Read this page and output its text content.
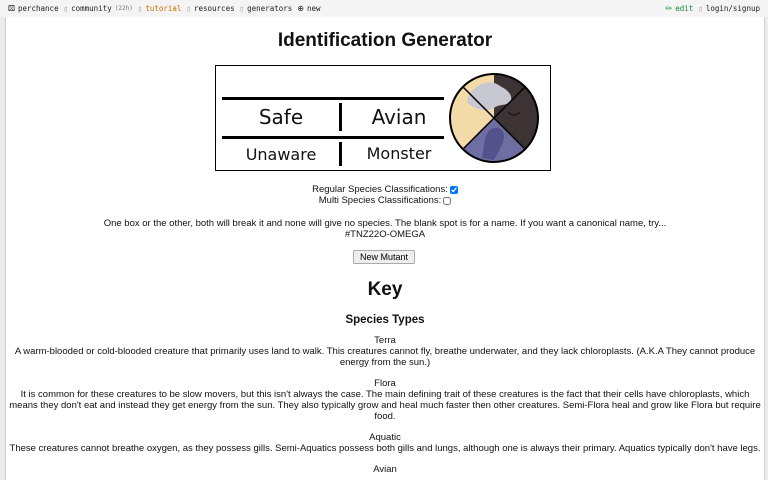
⚄ perchance ▯ community (22h) ▯ tutorial ▯ resources ▯ generators ⊕ new	✏ edit ▯ login/signup
Identification Generator
Safe	Avian
Unaware	Monster
Regular Species Classifications:
Multi Species Classifications:
One box or the other, both will break it and none will give no species. The blank spot is for a name. If you want a canonical name, try...
#TNZ22O-OMEGA
New Mutant
Key
Species Types
Terra
A warm-blooded or cold-blooded creature that primarily uses land to walk. This creatures cannot fly, breathe underwater, and they lack chloroplasts. (A.K.A They cannot produce energy from the sun.)
Flora
It is common for these creatures to be slow movers, but this isn't always the case. The main defining trait of these creatures is the fact that their cells have chloroplasts, which means they don't eat and instead they get energy from the sun. They also typically grow and heal much faster then other creatures. Semi-Flora heal and grow like Flora but require food.
Aquatic
These creatures cannot breathe oxygen, as they possess gills. Semi-Aquatics possess both gills and lungs, although one is always their primary. Aquatics typically don't have legs.
Avian
